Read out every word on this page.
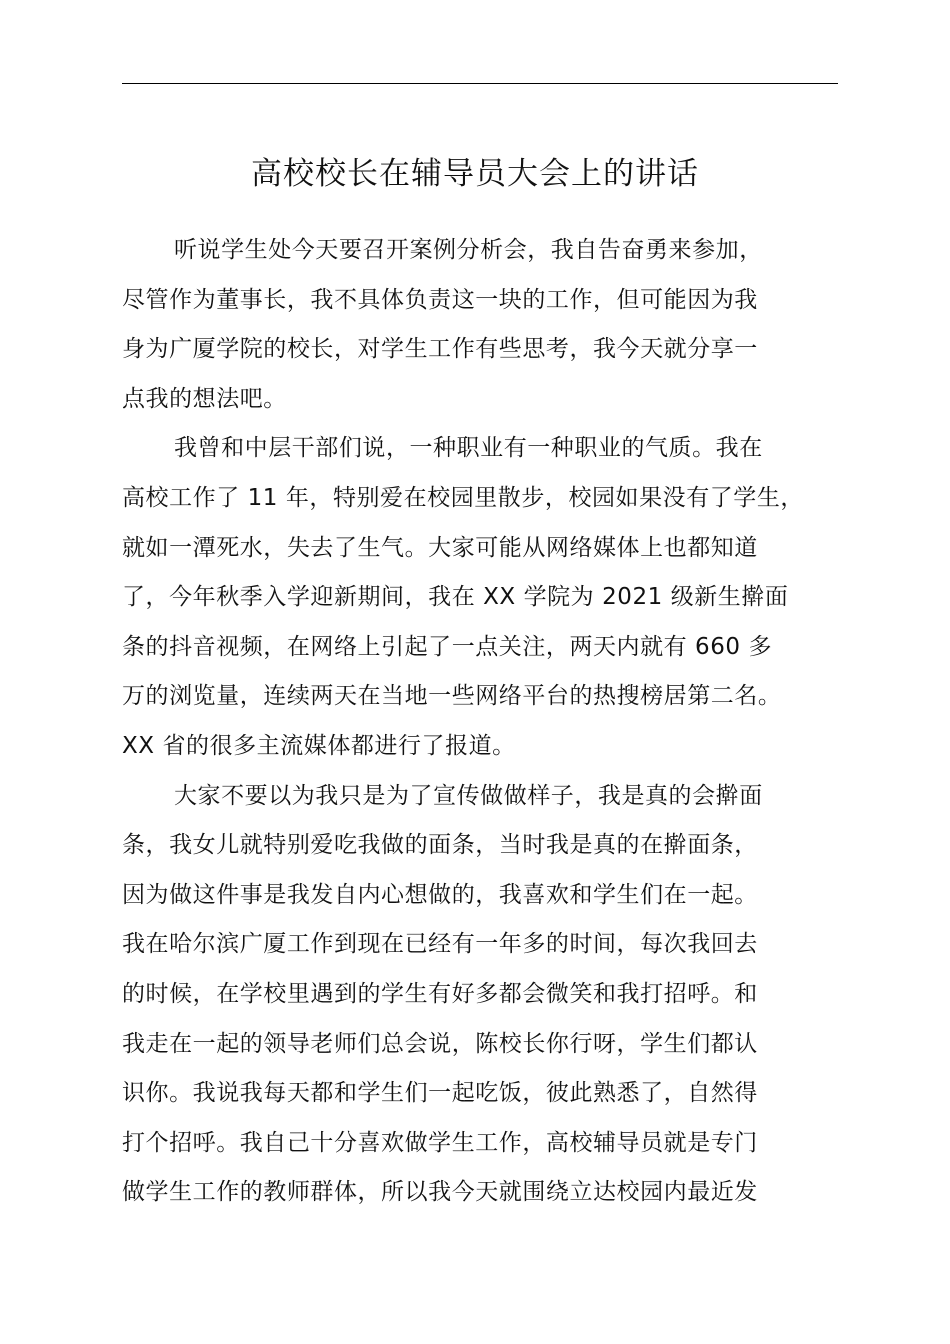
高校校长在辅导员大会上的讲话
听说学生处今天要召开案例分析会，我自告奋勇来参加，
尽管作为董事长，我不具体负责这一块的工作，但可能因为我
身为广厦学院的校长，对学生工作有些思考，我今天就分享一
点我的想法吧。
我曾和中层干部们说，一种职业有一种职业的气质。我在
高校工作了 11 年，特别爱在校园里散步，校园如果没有了学生，
就如一潭死水，失去了生气。大家可能从网络媒体上也都知道
了，今年秋季入学迎新期间，我在 XX 学院为 2021 级新生擀面
条的抖音视频，在网络上引起了一点关注，两天内就有 660 多
万的浏览量，连续两天在当地一些网络平台的热搜榜居第二名。
XX 省的很多主流媒体都进行了报道。
大家不要以为我只是为了宣传做做样子，我是真的会擀面
条，我女儿就特别爱吃我做的面条，当时我是真的在擀面条，
因为做这件事是我发自内心想做的，我喜欢和学生们在一起。
我在哈尔滨广厦工作到现在已经有一年多的时间，每次我回去
的时候，在学校里遇到的学生有好多都会微笑和我打招呼。和
我走在一起的领导老师们总会说，陈校长你行呀，学生们都认
识你。我说我每天都和学生们一起吃饭，彼此熟悉了，自然得
打个招呼。我自己十分喜欢做学生工作，高校辅导员就是专门
做学生工作的教师群体，所以我今天就围绕立达校园内最近发
